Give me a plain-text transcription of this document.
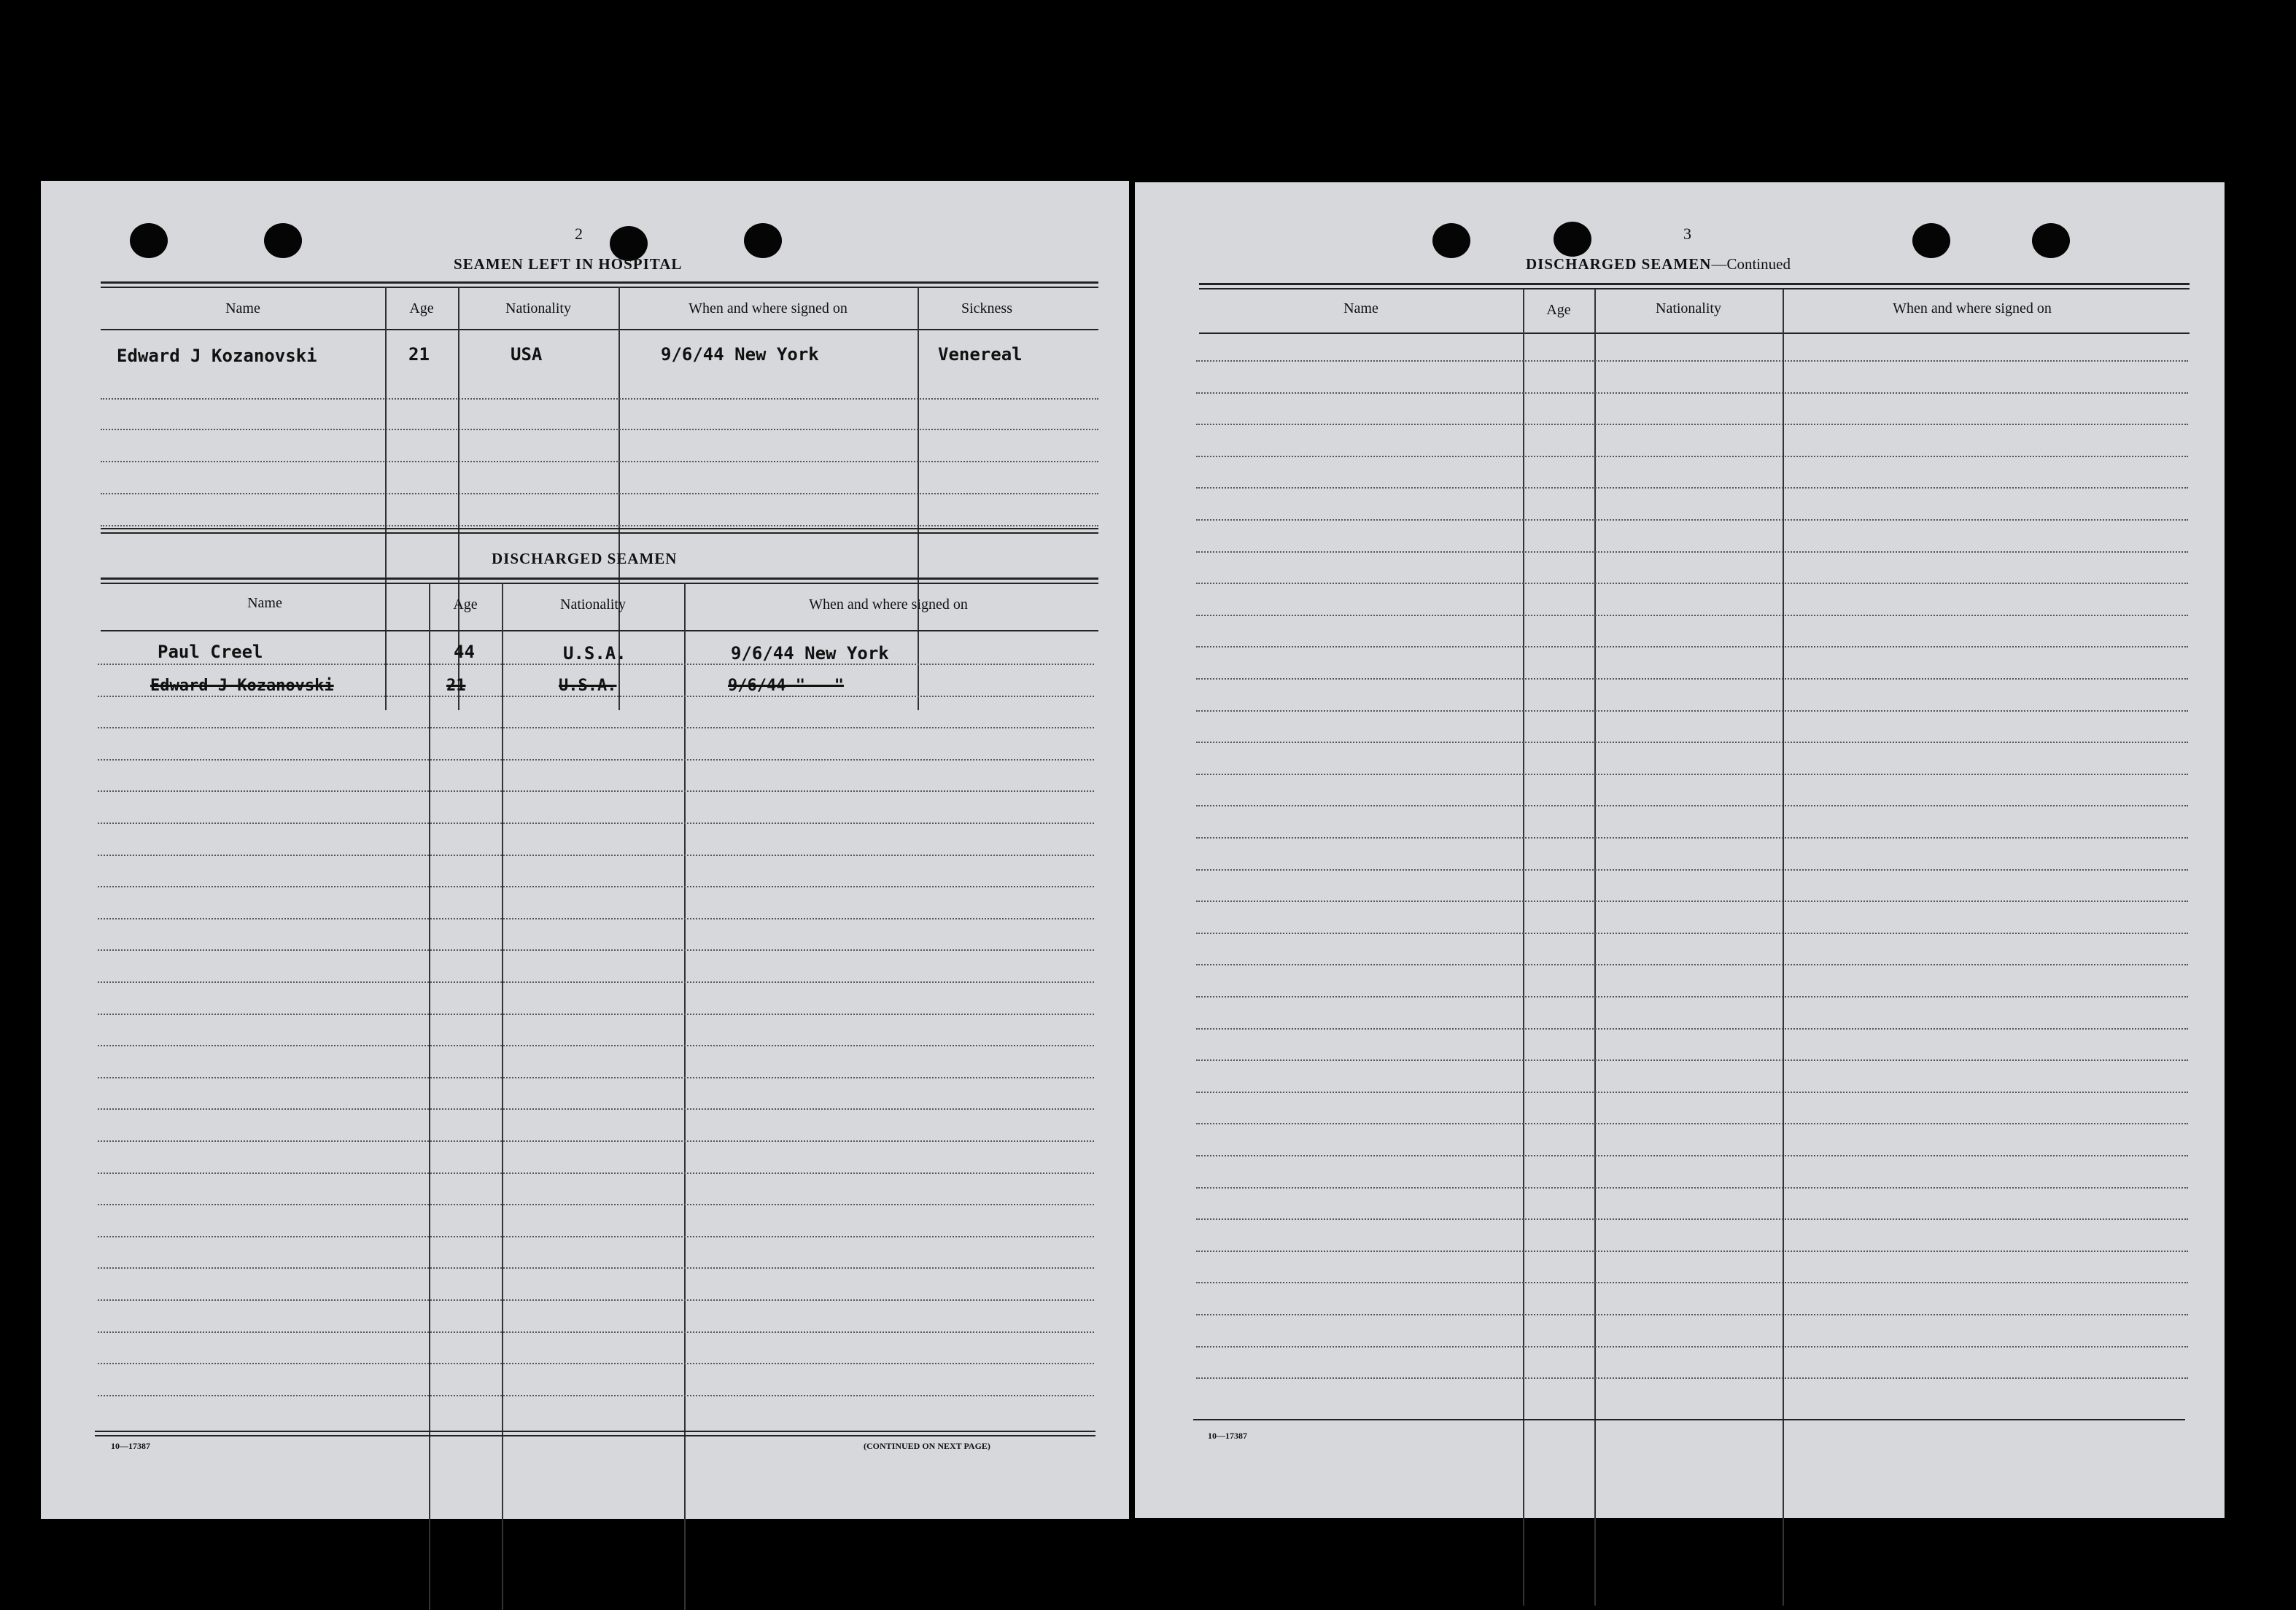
2
SEAMEN LEFT IN HOSPITAL
Name	Age	Nationality	When and where signed on	Sickness
Edward J Kozanovski	21	USA	9/6/44 New York	Venereal
DISCHARGED SEAMEN
Name	Age	Nationality	When and where signed on
Paul Creel	44	U.S.A.	9/6/44 New York
Edward J Kozanovski	21	U.S.A.	9/6/44 "   "
10—17387	(CONTINUED ON NEXT PAGE)
3
DISCHARGED SEAMEN—Continued
Name	Age	Nationality	When and where signed on
10—17387
